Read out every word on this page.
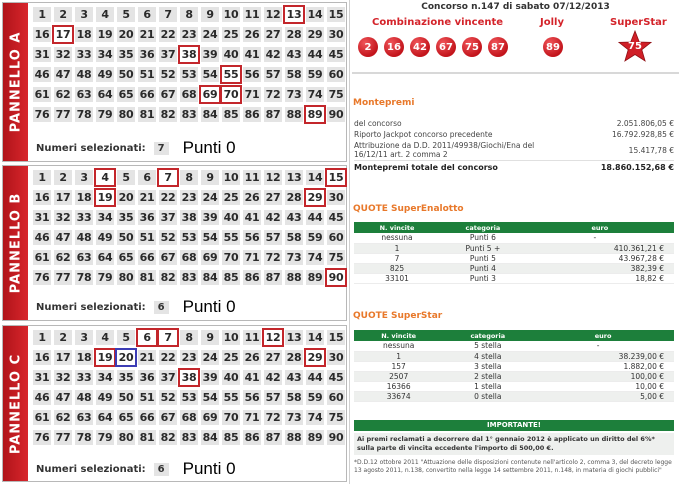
PANNELLO A
1	2	3	4	5	6	7	8	9 10 11 12 13 14 15
16 17 18 19 20 21 22 23 24 25 26 27 28 29 30
31 32 33 34 35 36 37 38 39 40 41 42 43 44 45
46 47 48 49 50 51 52 53 54 55 56 57 58 59 60
61 62 63 64 65 66 67 68 69 70 71 72 73 74 75
76 77 78 79 80 81 82 83 84 85 86 87 88 89 90
Numeri selezionati:	7 Punti 0
PANNELLO B
1	2	3	4	5	6	7	8	9 10 11 12 13 14 15
16 17 18 19 20 21 22 23 24 25 26 27 28 29 30
31 32 33 34 35 36 37 38 39 40 41 42 43 44 45
46 47 48 49 50 51 52 53 54 55 56 57 58 59 60
61 62 63 64 65 66 67 68 69 70 71 72 73 74 75
76 77 78 79 80 81 82 83 84 85 86 87 88 89 90
Numeri selezionati:	6 Punti 0
PANNELLO C
1	2	3	4	5	6	7	8	9 10 11 12 13 14 15
16 17 18 19 20 21 22 23 24 25 26 27 28 29 30
31 32 33 34 35 36 37 38 39 40 41 42 43 44 45
46 47 48 49 50 51 52 53 54 55 56 57 58 59 60
61 62 63 64 65 66 67 68 69 70 71 72 73 74 75
76 77 78 79 80 81 82 83 84 85 86 87 88 89 90
Numeri selezionati:	6 Punti 0
Concorso n.147 di sabato 07/12/2013
Combinazione vincente	Jolly	SuperStar
2	16	42	67	75	87	89	75
Montepremi
del concorso	2.051.806,05 €
Riporto Jackpot concorso precedente	16.792.928,85 €
Attribuzione da D.D. 2011/49938/Giochi/Ena del
16/12/11 art. 2 comma 2	15.417,78 €
Montepremi totale del concorso	18.860.152,68 €
QUOTE SuperEnalotto
N. vincite	categoria	euro
nessuna	Punti 6	-
1	Punti 5 +	410.361,21 €
7	Punti 5	43.967,28 €
825	Punti 4	382,39 €
33101	Punti 3	18,82 €
QUOTE SuperStar
N. vincite	categoria	euro
nessuna	5 stella	-
1	4 stella	38.239,00 €
157	3 stella	1.882,00 €
2507	2 stella	100,00 €
16366	1 stella	10,00 €
33674	0 stella	5,00 €
IMPORTANTE!
Ai premi reclamati a decorrere dal 1° gennaio 2012 è applicato un diritto del 6%* sulla parte di vincita eccedente l'importo di 500,00 €.
*D.D.12 ottobre 2011 "Attuazione delle disposizioni contenute nell'articolo 2, comma 3, del decreto legge 13 agosto 2011, n.138, convertito nella legge 14 settembre 2011, n.148, in materia di giochi pubblici"
